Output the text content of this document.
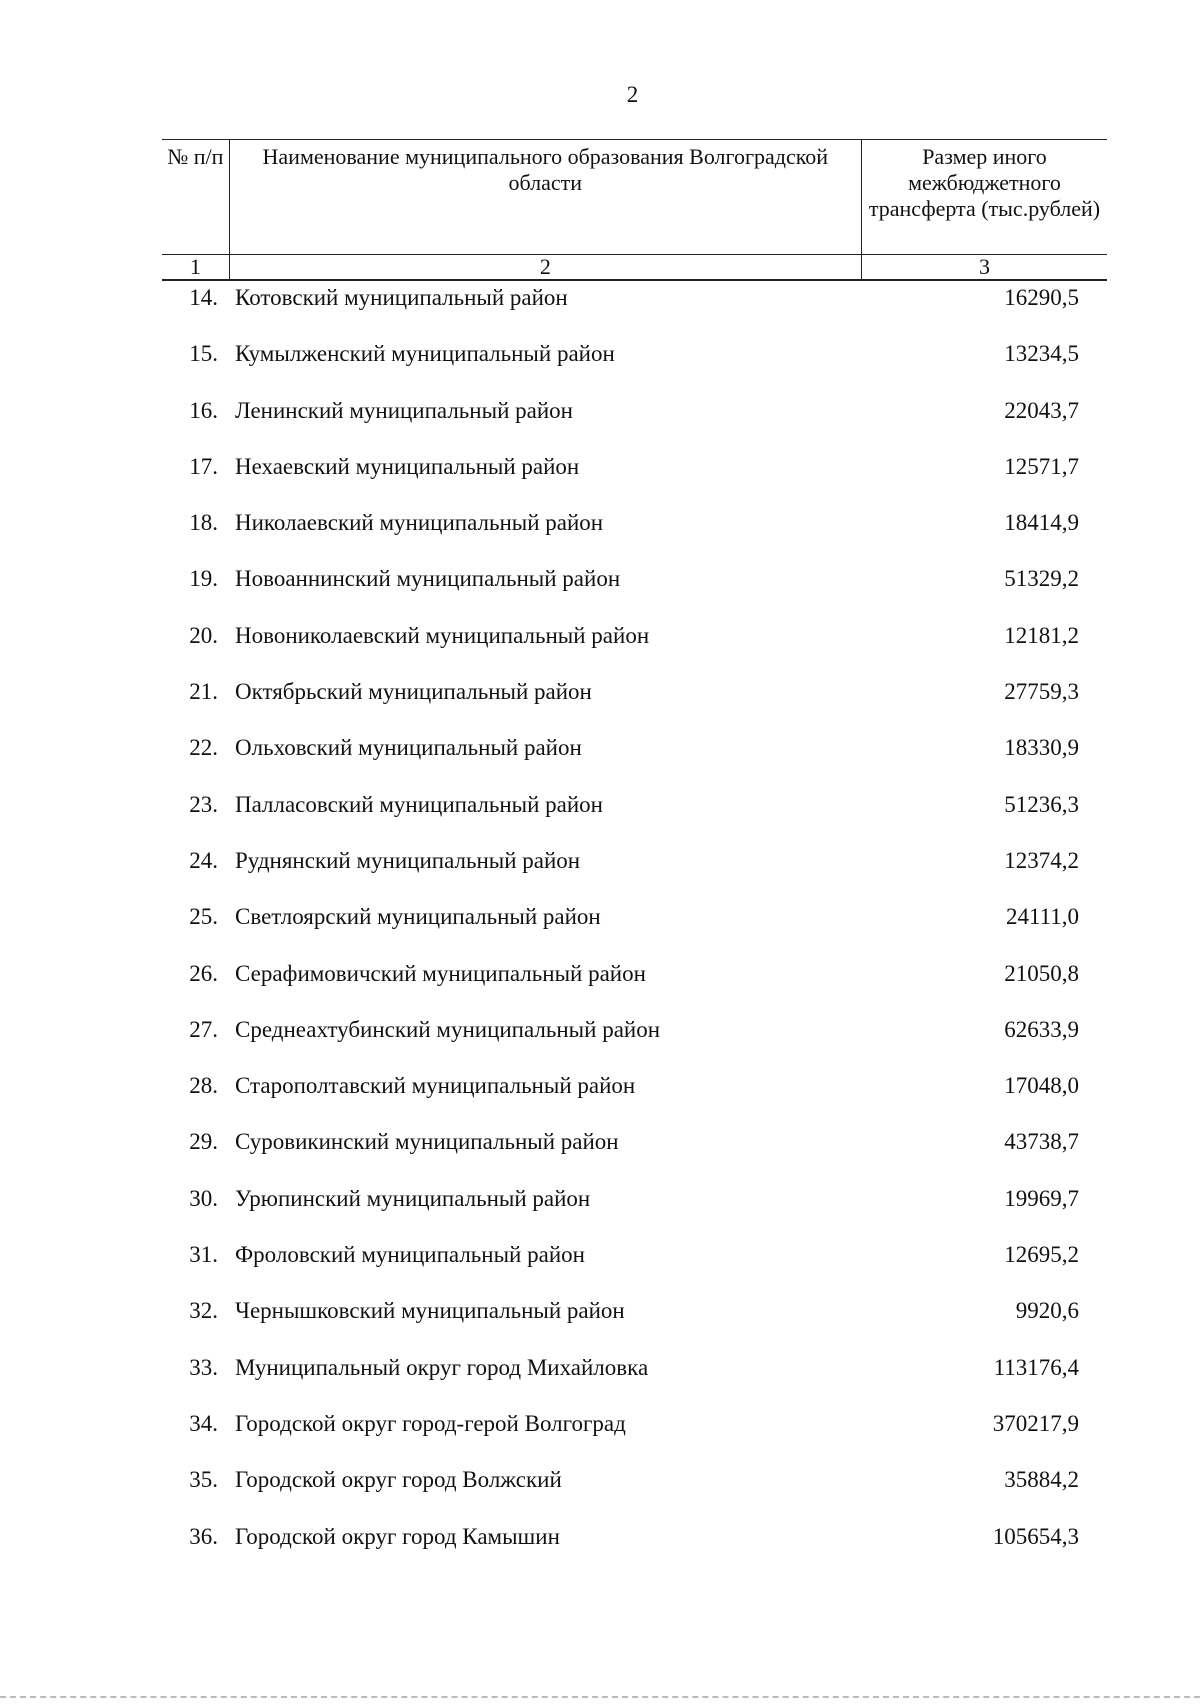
2
№ п/п	Наименование муниципального образования Волгоградской области	Размер иного межбюджетного трансферта (тыс.рублей)
1	2	3
14. Котовский муниципальный район	16290,5
15. Кумылженский муниципальный район	13234,5
16. Ленинский муниципальный район	22043,7
17. Нехаевский муниципальный район	12571,7
18. Николаевский муниципальный район	18414,9
19. Новоаннинский муниципальный район	51329,2
20. Новониколаевский муниципальный район	12181,2
21. Октябрьский муниципальный район	27759,3
22. Ольховский муниципальный район	18330,9
23. Палласовский муниципальный район	51236,3
24. Руднянский муниципальный район	12374,2
25. Светлоярский муниципальный район	24111,0
26. Серафимовичский муниципальный район	21050,8
27. Среднеахтубинский муниципальный район	62633,9
28. Старополтавский муниципальный район	17048,0
29. Суровикинский муниципальный район	43738,7
30. Урюпинский муниципальный район	19969,7
31. Фроловский муниципальный район	12695,2
32. Чернышковский муниципальный район	9920,6
33. Муниципальный округ город Михайловка	113176,4
34. Городской округ город-герой Волгоград	370217,9
35. Городской округ город Волжский	35884,2
36. Городской округ город Камышин	105654,3
